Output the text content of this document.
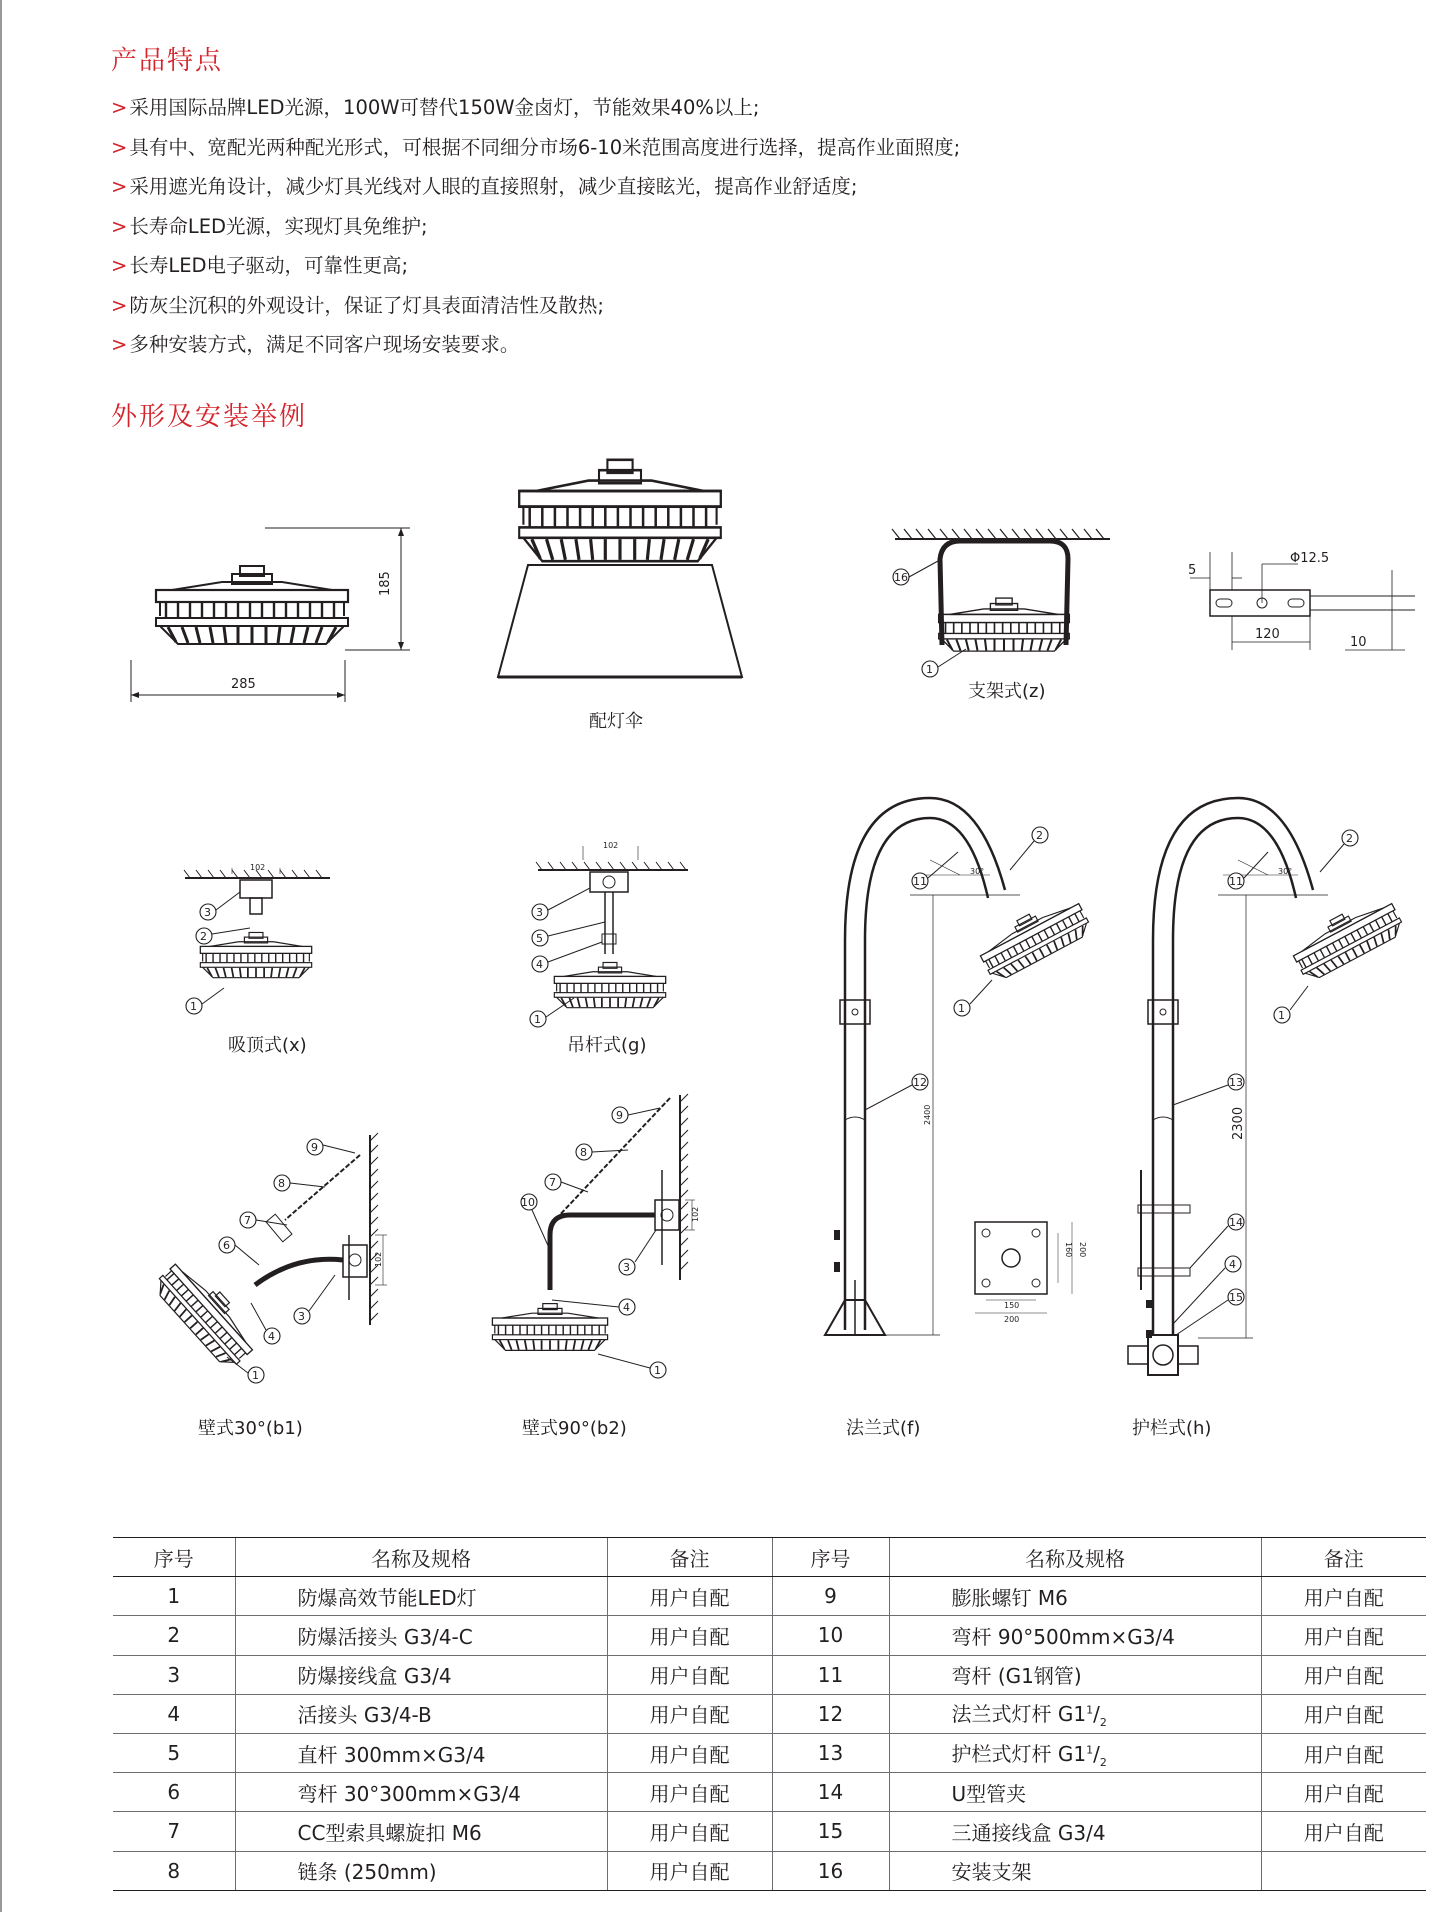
产品特点
> 采用国际品牌LED光源，100W可替代150W金卤灯，节能效果40%以上;
> 具有中、宽配光两种配光形式，可根据不同细分市场6-10米范围高度进行选择，提高作业面照度;
> 采用遮光角设计，减少灯具光线对人眼的直接照射，减少直接眩光，提高作业舒适度;
> 长寿命LED光源，实现灯具免维护;
> 长寿LED电子驱动，可靠性更高;
> 防灰尘沉积的外观设计，保证了灯具表面清洁性及散热;
> 多种安装方式，满足不同客户现场安装要求。
外形及安装举例
285
185
配灯伞
16
1
支架式(z)
5
Φ12.5
120
10
102
3
2
1
吸顶式(x)
102
3
5
4
1
吊杆式(g)
102
9
8
7
6
4
3
1
壁式30°(b1)
102
9
8
7
10
3
4
1
壁式90°(b2)
30°
2400
11
2
1
12
法兰式(f)
150
200
160 200
30°
2300
11
2
1
13
14
15
4
护栏式(h)
序号	名称及规格	备注	序号	名称及规格	备注
1	防爆高效节能LED灯	用户自配	9	膨胀螺钉 M6	用户自配
2	防爆活接头 G3/4-C	用户自配	10	弯杆 90°500mm×G3/4	用户自配
3	防爆接线盒 G3/4	用户自配	11	弯杆 (G1钢管)	用户自配
4	活接头 G3/4-B	用户自配	12	法兰式灯杆 $G1^1/_2$	用户自配
5	直杆 300mm×G3/4	用户自配	13	护栏式灯杆 $G1^1/_2$	用户自配
6	弯杆 30°300mm×G3/4	用户自配	14	U型管夹	用户自配
7	CC型索具螺旋扣 M6	用户自配	15	三通接线盒 G3/4	用户自配
8	链条 (250mm)	用户自配	16	安装支架	
